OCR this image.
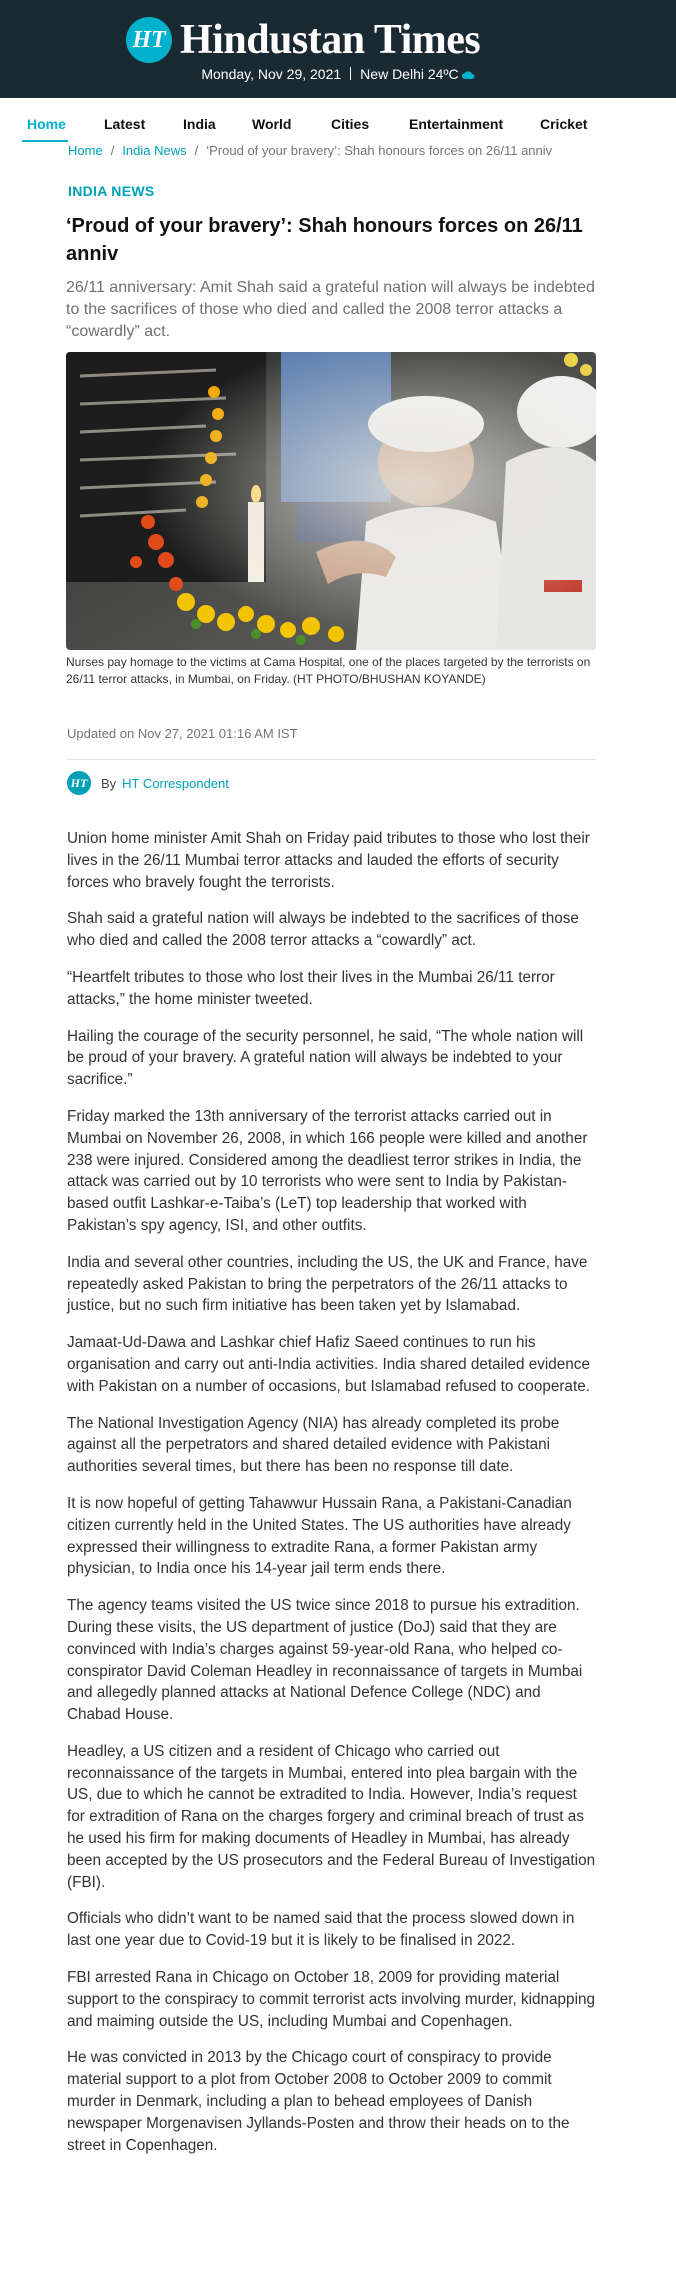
HT Hindustan Times
Monday, Nov 29, 2021 New Delhi 24ºC
Home	Latest	India	World	Cities	Entertainment	Cricket
Home / India News / ‘Proud of your bravery’: Shah honours forces on 26/11 anniv
INDIA NEWS
‘Proud of your bravery’: Shah honours forces on 26/11 anniv

26/11 anniversary: Amit Shah said a grateful nation will always be indebted to the sacrifices of those who died and called the 2008 terror attacks a “cowardly” act.

Nurses pay homage to the victims at Cama Hospital, one of the places targeted by the terrorists on 26/11 terror attacks, in Mumbai, on Friday. (HT PHOTO/BHUSHAN KOYANDE)
Updated on Nov 27, 2021 01:16 AM IST
HT By HT Correspondent

Union home minister Amit Shah on Friday paid tributes to those who lost their lives in the 26/11 Mumbai terror attacks and lauded the efforts of security forces who bravely fought the terrorists.

Shah said a grateful nation will always be indebted to the sacrifices of those who died and called the 2008 terror attacks a “cowardly” act.

“Heartfelt tributes to those who lost their lives in the Mumbai 26/11 terror attacks,” the home minister tweeted.

Hailing the courage of the security personnel, he said, “The whole nation will be proud of your bravery. A grateful nation will always be indebted to your sacrifice.”

Friday marked the 13th anniversary of the terrorist attacks carried out in Mumbai on November 26, 2008, in which 166 people were killed and another 238 were injured. Considered among the deadliest terror strikes in India, the attack was carried out by 10 terrorists who were sent to India by Pakistan-based outfit Lashkar-e-Taiba’s (LeT) top leadership that worked with Pakistan’s spy agency, ISI, and other outfits.

India and several other countries, including the US, the UK and France, have repeatedly asked Pakistan to bring the perpetrators of the 26/11 attacks to justice, but no such firm initiative has been taken yet by Islamabad.

Jamaat-Ud-Dawa and Lashkar chief Hafiz Saeed continues to run his organisation and carry out anti-India activities. India shared detailed evidence with Pakistan on a number of occasions, but Islamabad refused to cooperate.

The National Investigation Agency (NIA) has already completed its probe against all the perpetrators and shared detailed evidence with Pakistani authorities several times, but there has been no response till date.

It is now hopeful of getting Tahawwur Hussain Rana, a Pakistani-Canadian citizen currently held in the United States. The US authorities have already expressed their willingness to extradite Rana, a former Pakistan army physician, to India once his 14-year jail term ends there.

The agency teams visited the US twice since 2018 to pursue his extradition. During these visits, the US department of justice (DoJ) said that they are convinced with India’s charges against 59-year-old Rana, who helped co-conspirator David Coleman Headley in reconnaissance of targets in Mumbai and allegedly planned attacks at National Defence College (NDC) and Chabad House.

Headley, a US citizen and a resident of Chicago who carried out reconnaissance of the targets in Mumbai, entered into plea bargain with the US, due to which he cannot be extradited to India. However, India’s request for extradition of Rana on the charges forgery and criminal breach of trust as he used his firm for making documents of Headley in Mumbai, has already been accepted by the US prosecutors and the Federal Bureau of Investigation (FBI).

Officials who didn’t want to be named said that the process slowed down in last one year due to Covid-19 but it is likely to be finalised in 2022.

FBI arrested Rana in Chicago on October 18, 2009 for providing material support to the conspiracy to commit terrorist acts involving murder, kidnapping and maiming outside the US, including Mumbai and Copenhagen.

He was convicted in 2013 by the Chicago court of conspiracy to provide material support to a plot from October 2008 to October 2009 to commit murder in Denmark, including a plan to behead employees of Danish newspaper Morgenavisen Jyllands-Posten and throw their heads on to the street in Copenhagen.
